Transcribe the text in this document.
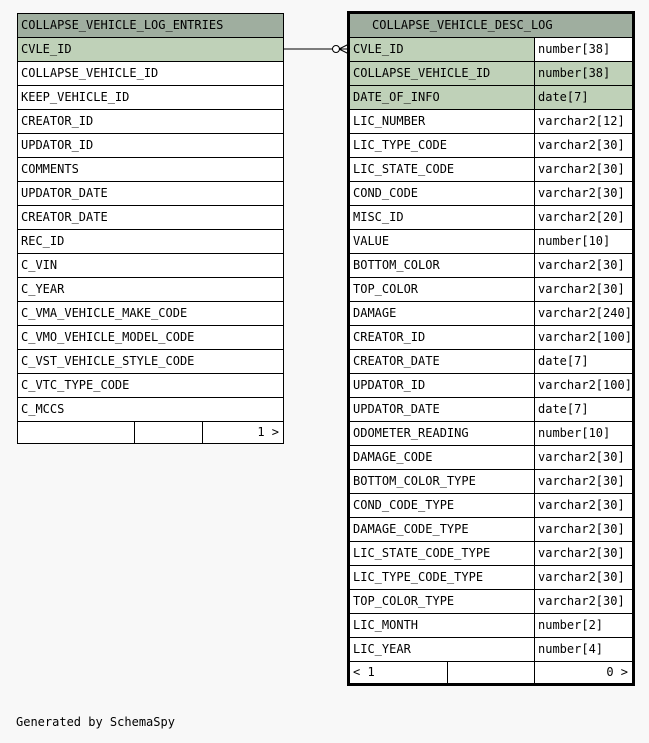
COLLAPSE_VEHICLE_LOG_ENTRIES
CVLE_ID
COLLAPSE_VEHICLE_ID
KEEP_VEHICLE_ID
CREATOR_ID
UPDATOR_ID
COMMENTS
UPDATOR_DATE
CREATOR_DATE
REC_ID
C_VIN
C_YEAR
C_VMA_VEHICLE_MAKE_CODE
C_VMO_VEHICLE_MODEL_CODE
C_VST_VEHICLE_STYLE_CODE
C_VTC_TYPE_CODE
C_MCCS
		1 >
COLLAPSE_VEHICLE_DESC_LOG		
CVLE_ID		number[38]
COLLAPSE_VEHICLE_ID		number[38]
DATE_OF_INFO		date[7]
LIC_NUMBER		varchar2[12]
LIC_TYPE_CODE		varchar2[30]
LIC_STATE_CODE		varchar2[30]
COND_CODE		varchar2[30]
MISC_ID		varchar2[20]
VALUE		number[10]
BOTTOM_COLOR		varchar2[30]
TOP_COLOR		varchar2[30]
DAMAGE		varchar2[240]
CREATOR_ID		varchar2[100]
CREATOR_DATE		date[7]
UPDATOR_ID		varchar2[100]
UPDATOR_DATE		date[7]
ODOMETER_READING		number[10]
DAMAGE_CODE		varchar2[30]
BOTTOM_COLOR_TYPE		varchar2[30]
COND_CODE_TYPE		varchar2[30]
DAMAGE_CODE_TYPE		varchar2[30]
LIC_STATE_CODE_TYPE		varchar2[30]
LIC_TYPE_CODE_TYPE		varchar2[30]
TOP_COLOR_TYPE		varchar2[30]
LIC_MONTH		number[2]
LIC_YEAR		number[4]
< 1		0 >
Generated by SchemaSpy
